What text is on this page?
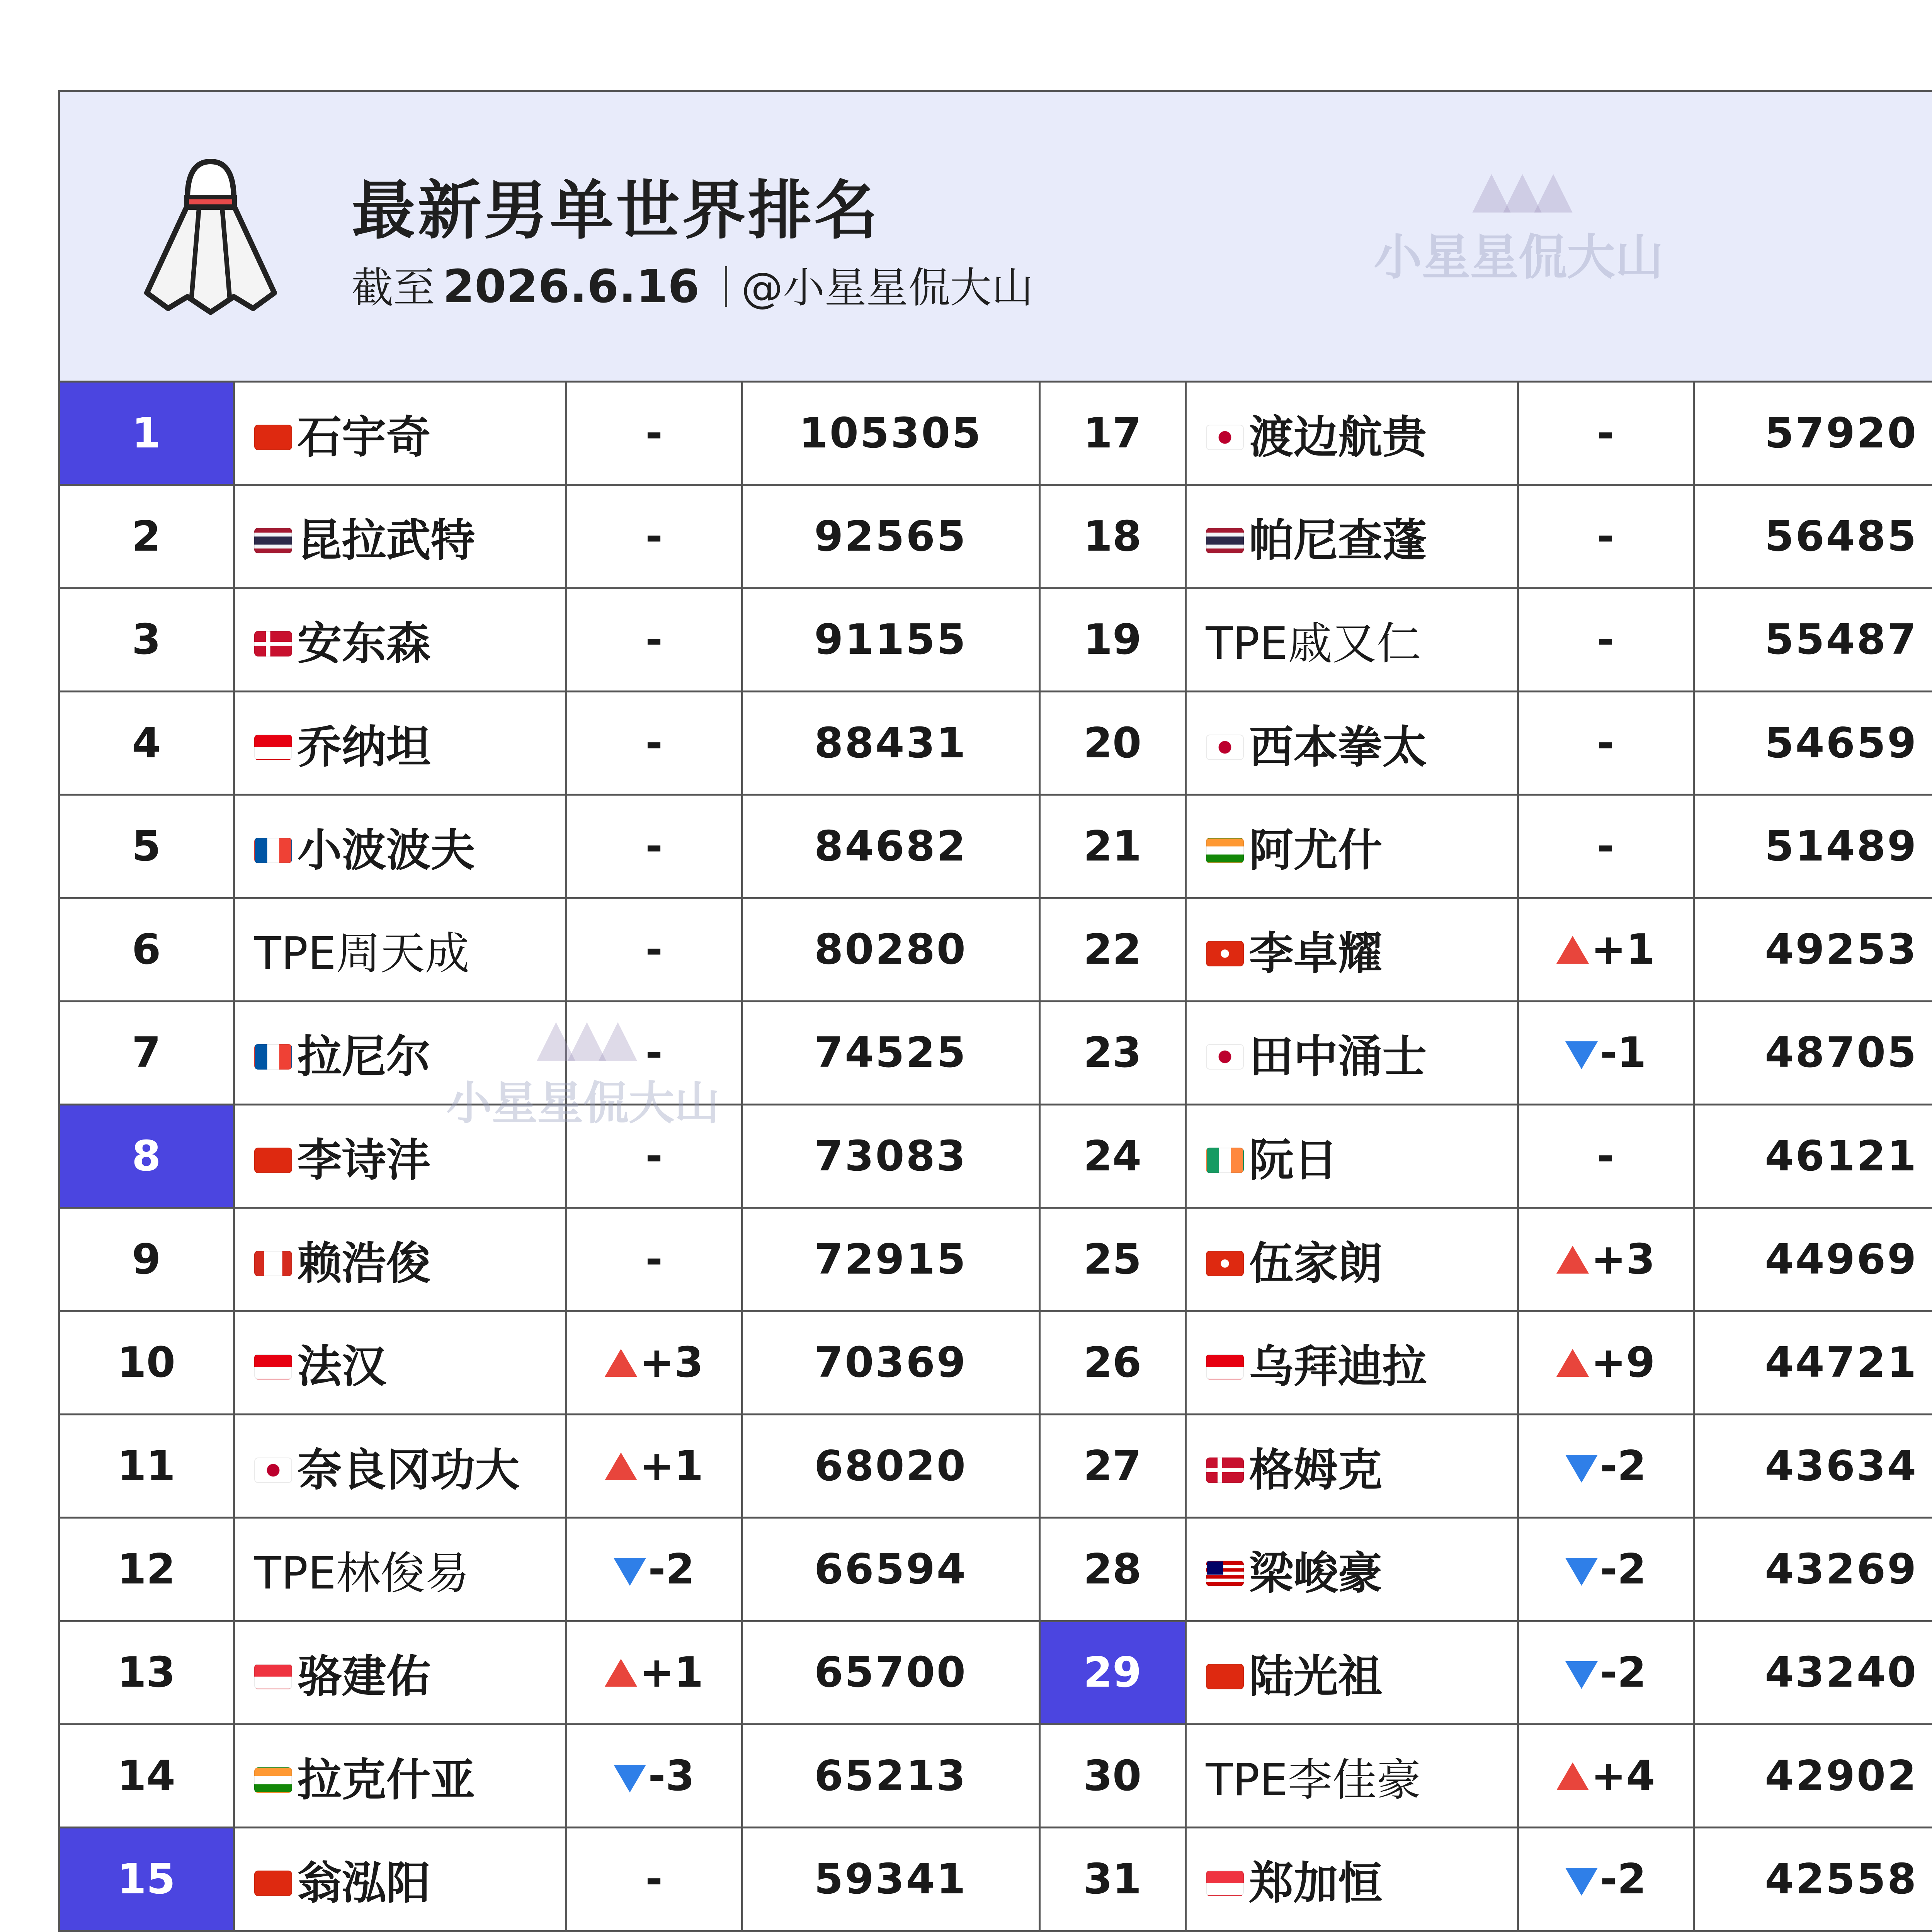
最新男单世界排名
截至 2026.6.16 @小星星侃大山
▲▲▲
小星星侃大山
1	石宇奇	-	105305	17	渡边航贵	-	57920
2	昆拉武特	-	92565	18	帕尼查蓬	-	56485
3	安东森	-	91155	19	TPE戚又仁	-	55487
4	乔纳坦	-	88431	20	西本拳太	-	54659
5	小波波夫	-	84682	21	阿尤什	-	51489
6	TPE周天成	-	80280	22	李卓耀	+1	49253
7	拉尼尔	-	74525	23	田中涌士	-1	48705
8	李诗沣	-	73083	24	阮日	-	46121
9	赖浩俊	-	72915	25	伍家朗	+3	44969
10	法汉	+3	70369	26	乌拜迪拉	+9	44721
11	奈良冈功大	+1	68020	27	格姆克	-2	43634
12	TPE林俊易	-2	66594	28	梁峻豪	-2	43269
13	骆建佑	+1	65700	29	陆光祖	-2	43240
14	拉克什亚	-3	65213	30	TPE李佳豪	+4	42902
15	翁泓阳	-	59341	31	郑加恒	-2	42558

▲▲▲
小星星侃大山
